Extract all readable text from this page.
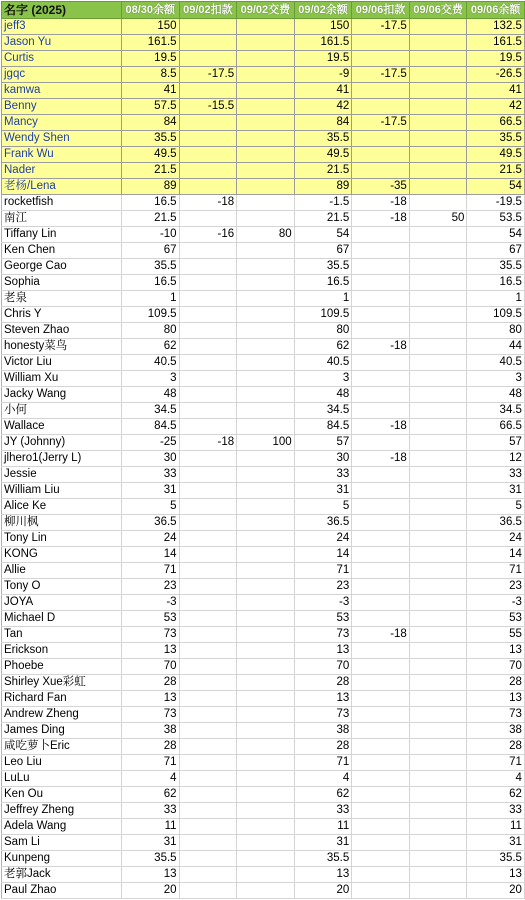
名字 (2025)	08/30余额	09/02扣款	09/02交费	09/02余额	09/06扣款	09/06交费	09/06余额
jeff3	150			150	-17.5		132.5
Jason Yu	161.5			161.5			161.5
Curtis	19.5			19.5			19.5
jgqc	8.5	-17.5		-9	-17.5		-26.5
kamwa	41			41			41
Benny	57.5	-15.5		42			42
Mancy	84			84	-17.5		66.5
Wendy Shen	35.5			35.5			35.5
Frank Wu	49.5			49.5			49.5
Nader	21.5			21.5			21.5
老杨/Lena	89			89	-35		54
rocketfish	16.5	-18		-1.5	-18		-19.5
南江	21.5			21.5	-18	50	53.5
Tiffany Lin	-10	-16	80	54			54
Ken Chen	67			67			67
George Cao	35.5			35.5			35.5
Sophia	16.5			16.5			16.5
老泉	1			1			1
Chris Y	109.5			109.5			109.5
Steven Zhao	80			80			80
honesty菜鸟	62			62	-18		44
Victor Liu	40.5			40.5			40.5
William Xu	3			3			3
Jacky Wang	48			48			48
小何	34.5			34.5			34.5
Wallace	84.5			84.5	-18		66.5
JY (Johnny)	-25	-18	100	57			57
jlhero1(Jerry L)	30			30	-18		12
Jessie	33			33			33
William Liu	31			31			31
Alice Ke	5			5			5
柳川枫	36.5			36.5			36.5
Tony Lin	24			24			24
KONG	14			14			14
Allie	71			71			71
Tony O	23			23			23
JOYA	-3			-3			-3
Michael D	53			53			53
Tan	73			73	-18		55
Erickson	13			13			13
Phoebe	70			70			70
Shirley Xue彩虹	28			28			28
Richard Fan	13			13			13
Andrew Zheng	73			73			73
James Ding	38			38			38
咸吃萝卜Eric	28			28			28
Leo Liu	71			71			71
LuLu	4			4			4
Ken Ou	62			62			62
Jeffrey Zheng	33			33			33
Adela Wang	11			11			11
Sam Li	31			31			31
Kunpeng	35.5			35.5			35.5
老郭Jack	13			13			13
Paul Zhao	20			20			20
